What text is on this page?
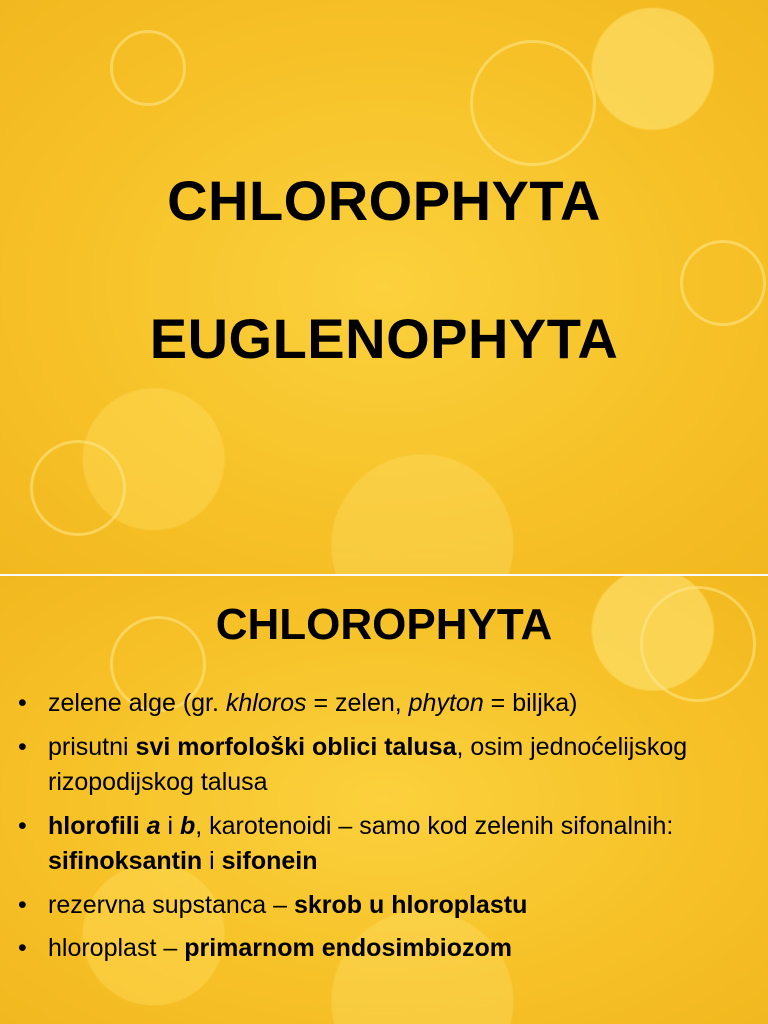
CHLOROPHYTA
EUGLENOPHYTA
CHLOROPHYTA
• zelene alge (gr. khloros = zelen, phyton = biljka)
• prisutni svi morfološki oblici talusa, osim jednoćelijskog rizopodijskog talusa
• hlorofili a i b, karotenoidi – samo kod zelenih sifonalnih: sifinoksantin i sifonein
• rezervna supstanca – skrob u hloroplastu
• hloroplast – primarnom endosimbiozom
